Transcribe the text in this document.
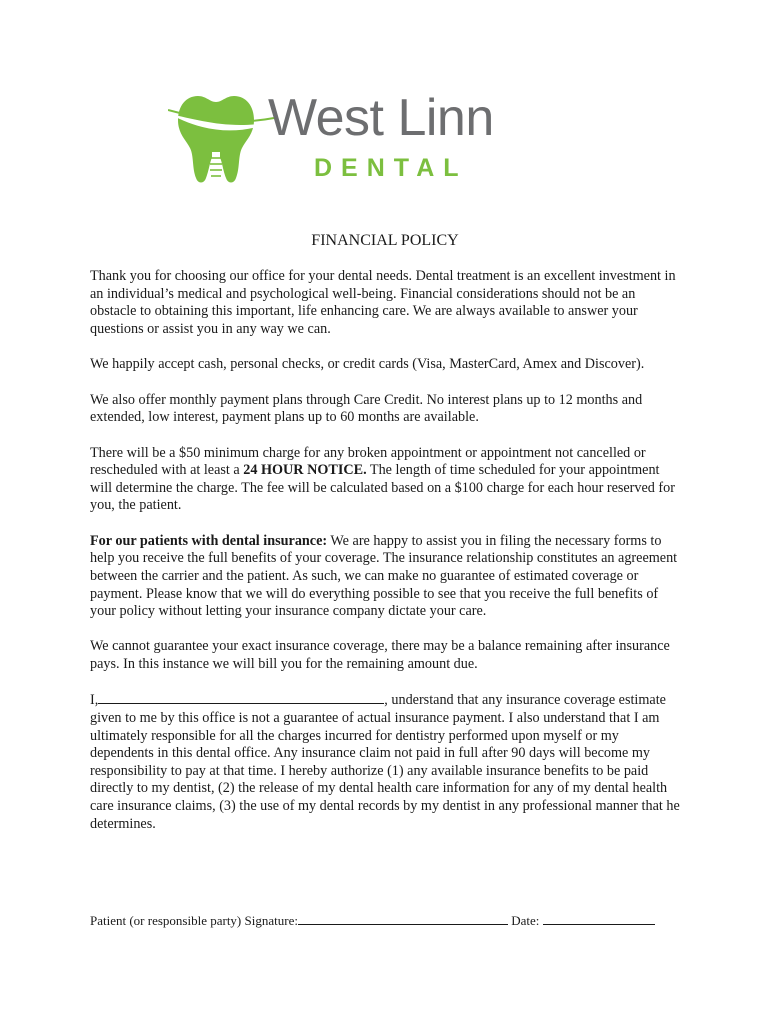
West Linn
DENTAL
FINANCIAL POLICY

Thank you for choosing our office for your dental needs. Dental treatment is an excellent investment in an individual’s medical and psychological well-being. Financial considerations should not be an obstacle to obtaining this important, life enhancing care. We are always available to answer your questions or assist you in any way we can.

We happily accept cash, personal checks, or credit cards (Visa, MasterCard, Amex and Discover).

We also offer monthly payment plans through Care Credit. No interest plans up to 12 months and extended, low interest, payment plans up to 60 months are available.

There will be a $50 minimum charge for any broken appointment or appointment not cancelled or rescheduled with at least a 24 HOUR NOTICE. The length of time scheduled for your appointment will determine the charge. The fee will be calculated based on a $100 charge for each hour reserved for you, the patient.

For our patients with dental insurance: We are happy to assist you in filing the necessary forms to help you receive the full benefits of your coverage. The insurance relationship constitutes an agreement between the carrier and the patient. As such, we can make no guarantee of estimated coverage or payment. Please know that we will do everything possible to see that you receive the full benefits of your policy without letting your insurance company dictate your care.

We cannot guarantee your exact insurance coverage, there may be a balance remaining after insurance pays. In this instance we will bill you for the remaining amount due.

I,	, understand that any insurance coverage estimate given to me by this office is not a guarantee of actual insurance payment. I also understand that I am ultimately responsible for all the charges incurred for dentistry performed upon myself or my dependents in this dental office. Any insurance claim not paid in full after 90 days will become my responsibility to pay at that time. I hereby authorize (1) any available insurance benefits to be paid directly to my dentist, (2) the release of my dental health care information for any of my dental health care insurance claims, (3) the use of my dental records by my dentist in any professional manner that he determines.

Patient (or responsible party) Signature:	Date:
